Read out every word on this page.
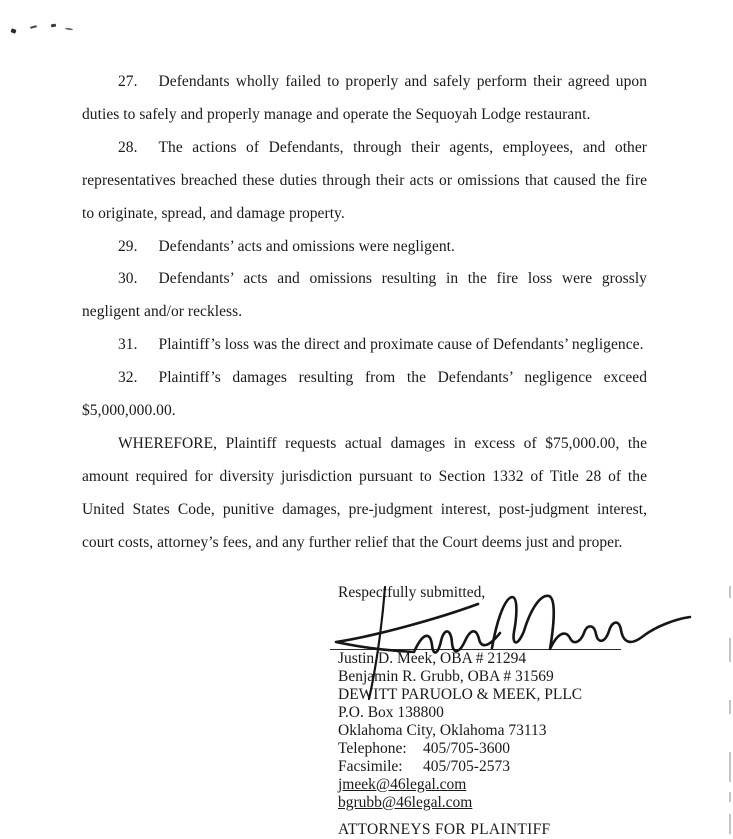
27. Defendants wholly failed to properly and safely perform their agreed upon duties to safely and properly manage and operate the Sequoyah Lodge restaurant.

28. The actions of Defendants, through their agents, employees, and other representatives breached these duties through their acts or omissions that caused the fire to originate, spread, and damage property.

29. Defendants’ acts and omissions were negligent.

30. Defendants’ acts and omissions resulting in the fire loss were grossly negligent and/or reckless.

31. Plaintiff’s loss was the direct and proximate cause of Defendants’ negligence.

32. Plaintiff’s damages resulting from the Defendants’ negligence exceed $5,000,000.00.

WHEREFORE, Plaintiff requests actual damages in excess of $75,000.00, the amount required for diversity jurisdiction pursuant to Section 1332 of Title 28 of the United States Code, punitive damages, pre-judgment interest, post-judgment interest, court costs, attorney’s fees, and any further relief that the Court deems just and proper.

Respectfully submitted,
Justin D. Meek, OBA # 21294
Benjamin R. Grubb, OBA # 31569
DEWITT PARUOLO & MEEK, PLLC
P.O. Box 138800
Oklahoma City, Oklahoma 73113
Telephone: 405/705-3600
Facsimile: 405/705-2573
jmeek@46legal.com
bgrubb@46legal.com
ATTORNEYS FOR PLAINTIFF
